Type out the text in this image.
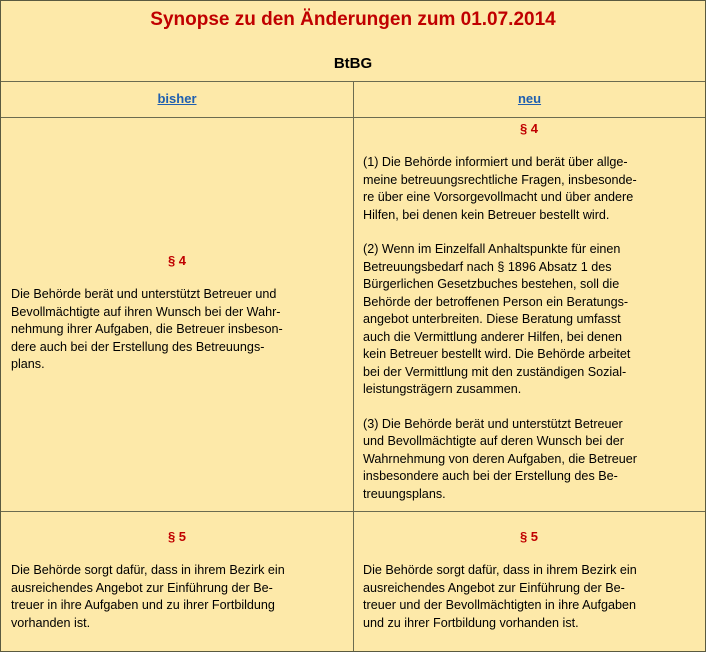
Synopse zu den Änderungen zum 01.07.2014
BtBG
bisher	neu
§ 4
Die Behörde berät und unterstützt Betreuer und
Bevollmächtigte auf ihren Wunsch bei der Wahr-
nehmung ihrer Aufgaben, die Betreuer insbeson-
dere auch bei der Erstellung des Betreuungs-
plans.
§ 4
(1) Die Behörde informiert und berät über allge-
meine betreuungsrechtliche Fragen, insbesonde-
re über eine Vorsorgevollmacht und über andere
Hilfen, bei denen kein Betreuer bestellt wird.
(2) Wenn im Einzelfall Anhaltspunkte für einen
Betreuungsbedarf nach § 1896 Absatz 1 des
Bürgerlichen Gesetzbuches bestehen, soll die
Behörde der betroffenen Person ein Beratungs-
angebot unterbreiten. Diese Beratung umfasst
auch die Vermittlung anderer Hilfen, bei denen
kein Betreuer bestellt wird. Die Behörde arbeitet
bei der Vermittlung mit den zuständigen Sozial-
leistungsträgern zusammen.
(3) Die Behörde berät und unterstützt Betreuer
und Bevollmächtigte auf deren Wunsch bei der
Wahrnehmung von deren Aufgaben, die Betreuer
insbesondere auch bei der Erstellung des Be-
treuungsplans.
§ 5
Die Behörde sorgt dafür, dass in ihrem Bezirk ein
ausreichendes Angebot zur Einführung der Be-
treuer in ihre Aufgaben und zu ihrer Fortbildung
vorhanden ist.
§ 5
Die Behörde sorgt dafür, dass in ihrem Bezirk ein
ausreichendes Angebot zur Einführung der Be-
treuer und der Bevollmächtigten in ihre Aufgaben
und zu ihrer Fortbildung vorhanden ist.
